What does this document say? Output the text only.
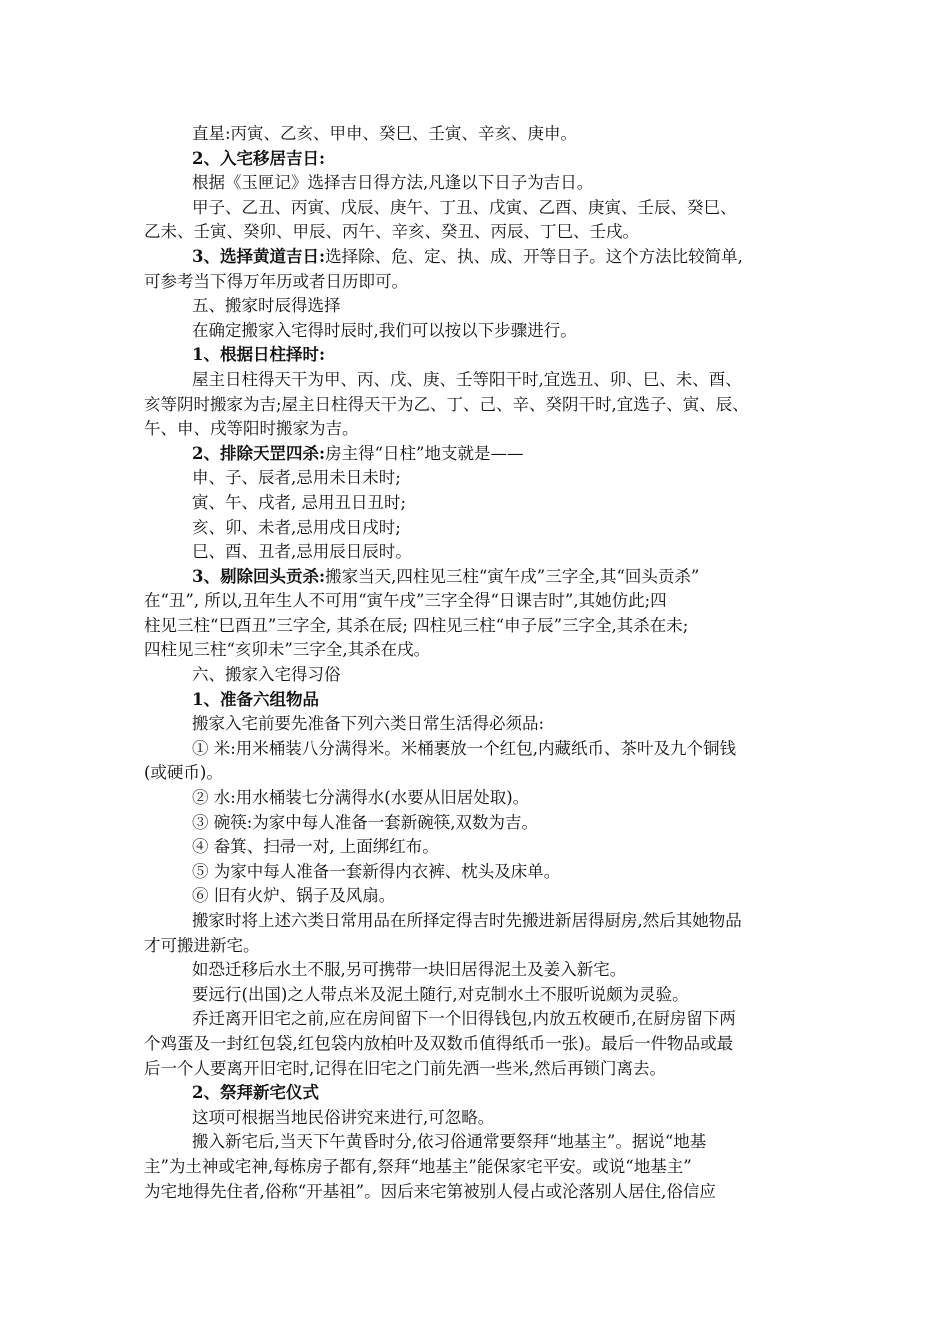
直星:丙寅、乙亥、甲申、癸巳、壬寅、辛亥、庚申。
2、入宅移居吉日:
根据《玉匣记》选择吉日得方法,凡逢以下日子为吉日。
甲子、乙丑、丙寅、戊辰、庚午、丁丑、戊寅、乙酉、庚寅、壬辰、癸巳、
乙未、壬寅、癸卯、甲辰、丙午、辛亥、癸丑、丙辰、丁巳、壬戌。
3、选择黄道吉日:选择除、危、定、执、成、开等日子。这个方法比较简单,
可参考当下得万年历或者日历即可。
五、搬家时辰得选择
在确定搬家入宅得时辰时,我们可以按以下步骤进行。
1、根据日柱择时:
屋主日柱得天干为甲、丙、戊、庚、壬等阳干时,宜选丑、卯、巳、未、酉、
亥等阴时搬家为吉;屋主日柱得天干为乙、丁、己、辛、癸阴干时,宜选子、寅、辰、
午、申、戌等阳时搬家为吉。
2、排除天罡四杀:房主得“日柱”地支就是——
申、子、辰者,忌用未日未时;
寅、午、戌者, 忌用丑日丑时;
亥、卯、未者,忌用戌日戌时;
巳、酉、丑者,忌用辰日辰时。
3、剔除回头贡杀:搬家当天,四柱见三柱“寅午戌”三字全,其“回头贡杀”
在“丑”, 所以,丑年生人不可用“寅午戌”三字全得“日课吉时”,其她仿此;四
柱见三柱“巳酉丑”三字全, 其杀在辰; 四柱见三柱“申子辰”三字全,其杀在未;
四柱见三柱“亥卯未”三字全,其杀在戌。
六、搬家入宅得习俗
1、准备六组物品
搬家入宅前要先准备下列六类日常生活得必须品:
① 米:用米桶装八分满得米。米桶裹放一个红包,内藏纸币、茶叶及九个铜钱
(或硬币)。
② 水:用水桶装七分满得水(水要从旧居处取)。
③ 碗筷:为家中每人准备一套新碗筷,双数为吉。
④ 畚箕、扫帚一对, 上面绑红布。
⑤ 为家中每人准备一套新得内衣裤、枕头及床单。
⑥ 旧有火炉、锅子及风扇。
搬家时将上述六类日常用品在所择定得吉时先搬进新居得厨房,然后其她物品
才可搬进新宅。
如恐迁移后水土不服,另可携带一块旧居得泥土及姜入新宅。
要远行(出国)之人带点米及泥土随行,对克制水土不服听说颇为灵验。
乔迁离开旧宅之前,应在房间留下一个旧得钱包,内放五枚硬币,在厨房留下两
个鸡蛋及一封红包袋,红包袋内放柏叶及双数币值得纸币一张)。最后一件物品或最
后一个人要离开旧宅时,记得在旧宅之门前先洒一些米,然后再锁门离去。
2、祭拜新宅仪式
这项可根据当地民俗讲究来进行,可忽略。
搬入新宅后,当天下午黄昏时分,依习俗通常要祭拜“地基主”。据说“地基
主”为土神或宅神,每栋房子都有,祭拜“地基主”能保家宅平安。或说“地基主”
为宅地得先住者,俗称“开基祖”。因后来宅第被别人侵占或沦落别人居住,俗信应
